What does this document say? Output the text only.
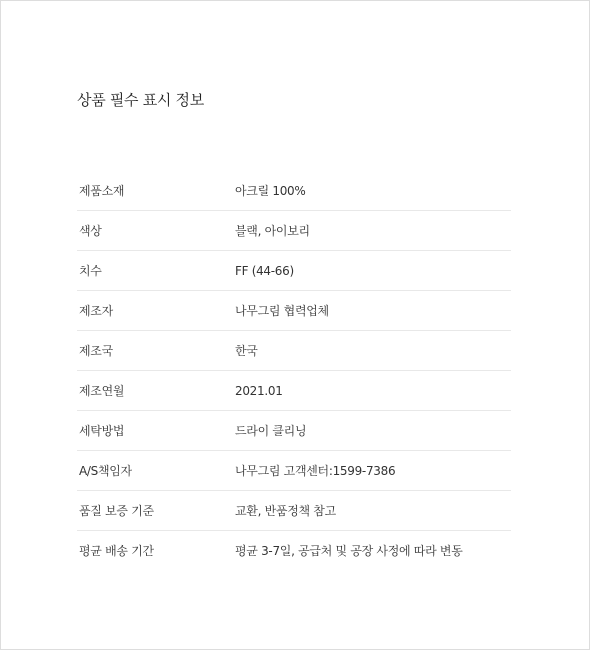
상품 필수 표시 정보
제품소재	아크릴 100%
색상	블랙, 아이보리
치수	FF (44-66)
제조자	나무그림 협력업체
제조국	한국
제조연월	2021.01
세탁방법	드라이 클리닝
A/S책임자	나무그림 고객센터:1599-7386
품질 보증 기준	교환, 반품정책 참고
평균 배송 기간	평균 3-7일, 공급처 및 공장 사정에 따라 변동
